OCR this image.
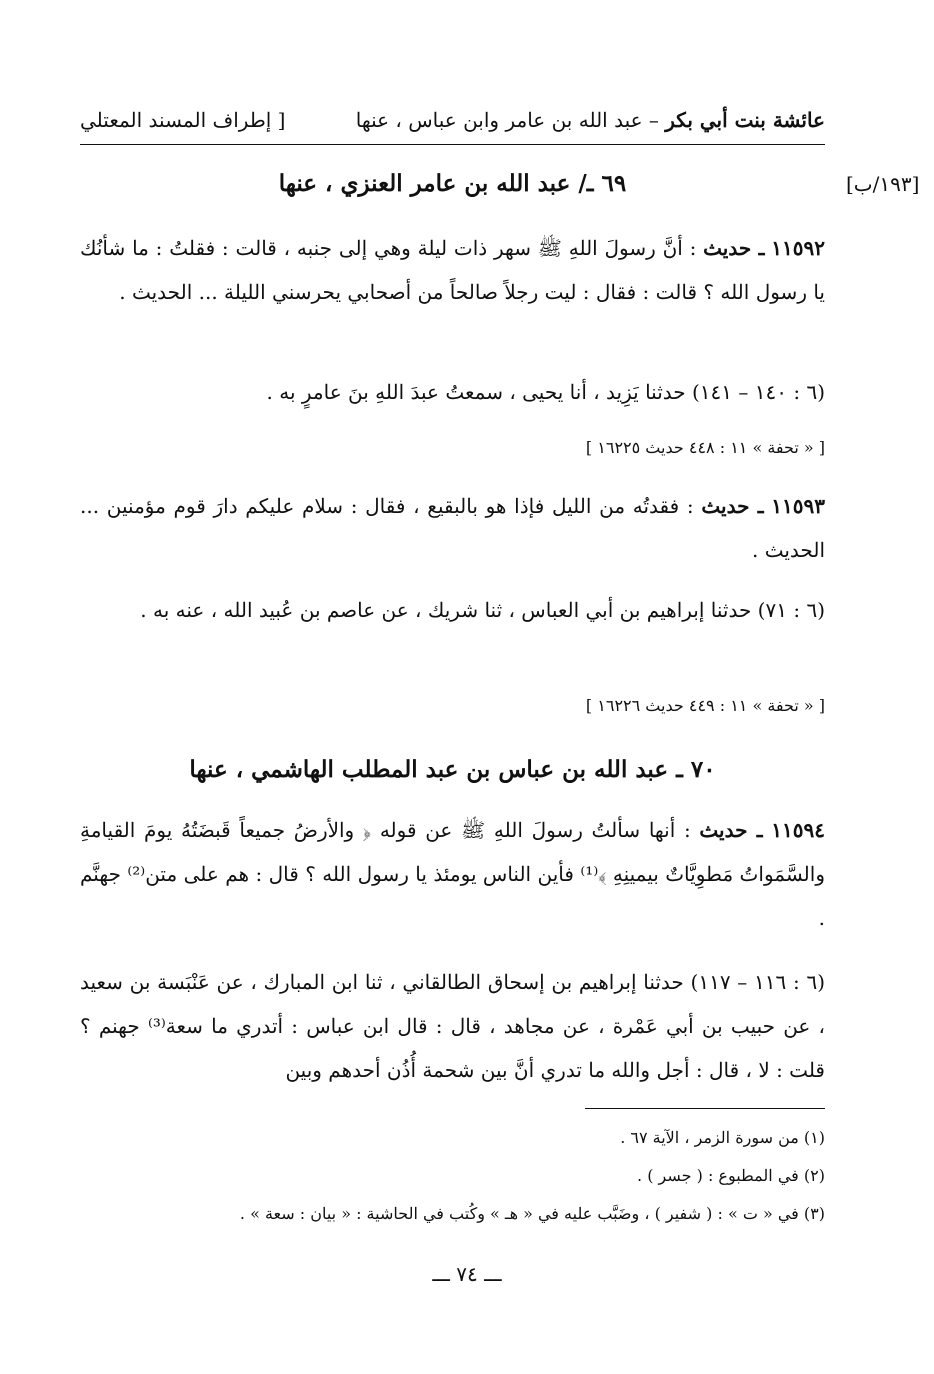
عائشة بنت أبي بكر – عبد الله بن عامر وابن عباس ، عنها
[ إطراف المسند المعتلي
[١٩٣/ب]
٦٩ ـ/ عبد الله بن عامر العنزي ، عنها
١١٥٩٢ ـ حديث : أنَّ رسولَ اللهِ ﷺ سهر ذات ليلة وهي إلى جنبه ، قالت : فقلتُ : ما شأنُك يا رسول الله ؟ قالت : فقال : ليت رجلاً صالحاً من أصحابي يحرسني الليلة ... الحديث .
(٦ : ١٤٠ – ١٤١) حدثنا يَزِيد ، أنا يحيى ، سمعتُ عبدَ اللهِ بنَ عامرٍ به .
[ « تحفة » ١١ : ٤٤٨ حديث ١٦٢٢٥ ]
١١٥٩٣ ـ حديث : فقدتُه من الليل فإذا هو بالبقيع ، فقال : سلام عليكم دارَ قوم مؤمنين ... الحديث .
(٦ : ٧١) حدثنا إبراهيم بن أبي العباس ، ثنا شريك ، عن عاصم بن عُبيد الله ، عنه به .
[ « تحفة » ١١ : ٤٤٩ حديث ١٦٢٢٦ ]
٧٠ ـ عبد الله بن عباس بن عبد المطلب الهاشمي ، عنها
١١٥٩٤ ـ حديث : أنها سألتُ رسولَ اللهِ ﷺ عن قوله ﴿ والأرضُ جميعاً قَبضَتُهُ يومَ القيامةِ والسَّمَواتُ مَطوِيَّاتٌ بيمينِهِ ﴾⁽¹⁾ فأين الناس يومئذ يا رسول الله ؟ قال : هم على متن⁽²⁾ جهنَّم .
(٦ : ١١٦ – ١١٧) حدثنا إبراهيم بن إسحاق الطالقاني ، ثنا ابن المبارك ، عن عَنْبَسة بن سعيد ، عن حبيب بن أبي عَمْرة ، عن مجاهد ، قال : قال ابن عباس : أتدري ما سعة⁽³⁾ جهنم ؟ قلت : لا ، قال : أجل والله ما تدري أنَّ بين شحمة أُذُن أحدهم وبين
(١) من سورة الزمر ، الآية ٦٧ .
(٢) في المطبوع : ( جسر ) .
(٣) في « ت » : ( شفير ) ، وضَبَّب عليه في « هـ » وكُتب في الحاشية : « بيان : سعة » .
ـــ ٧٤ ـــ
